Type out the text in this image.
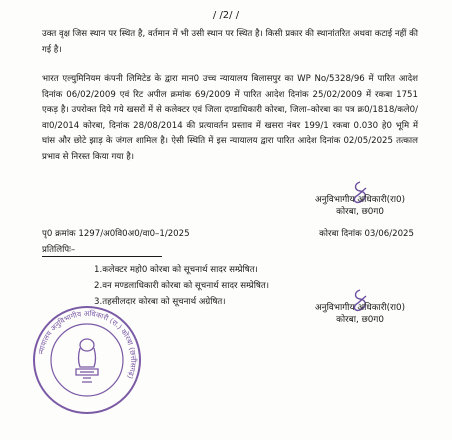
/ /2/ /

उक्त वृक्ष जिस स्थान पर स्थित है, वर्तमान में भी उसी स्थान पर स्थित है। किसी प्रकार की स्थानांतरित अथवा कटाई नहीं की गई है।

भारत एल्युमिनियम कंपनी लिमिटेड के द्वारा मान0 उच्च न्यायालय बिलासपुर का WP No/5328/96 में पारित आदेश दिनांक 06/02/2009 एवं रिट अपील क्रमांक 69/2009 में पारित आदेश दिनांक 25/02/2009 में रकबा 1751 एकड़ है। उपरोक्त दिये गये खसरों में से कलेक्टर एवं जिला दण्डाधिकारी कोरबा, जिला–कोरबा का पत्र क्र0/1818/कले0/वा0/2014 कोरबा, दिनांक 28/08/2014 की प्रत्यावर्तन प्रस्ताव में खसरा नंबर 199/1 रकबा 0.030 हे0 भूमि में घांस और छोटे झाड़ के जंगल शामिल है। ऐसी स्थिति में इस न्यायालय द्वारा पारित आदेश दिनांक 02/05/2025 तत्काल प्रभाव से निरस्त किया गया है।

अनुविभागीय अधिकारी(रा0)
कोरबा, छ0ग0
पृ0 क्रमांक 1297/अ0वि0अ0/वा0–1/2025	कोरबा दिनांक 03/06/2025
प्रतिलिपिः–
1.कलेक्टर महो0 कोरबा को सूचनार्थ सादर सम्प्रेषित।
2.वन मण्डलाधिकारी कोरबा को सूचनार्थ सादर सम्प्रेषित।
3.तहसीलदार कोरबा को सूचनार्थ अग्रेषित।
अनुविभागीय अधिकारी(रा0)
कोरबा, छ0ग0
न्यायालय अनुविभागीय अधिकारी (रा.) कोरबा (छत्तीसगढ़)
